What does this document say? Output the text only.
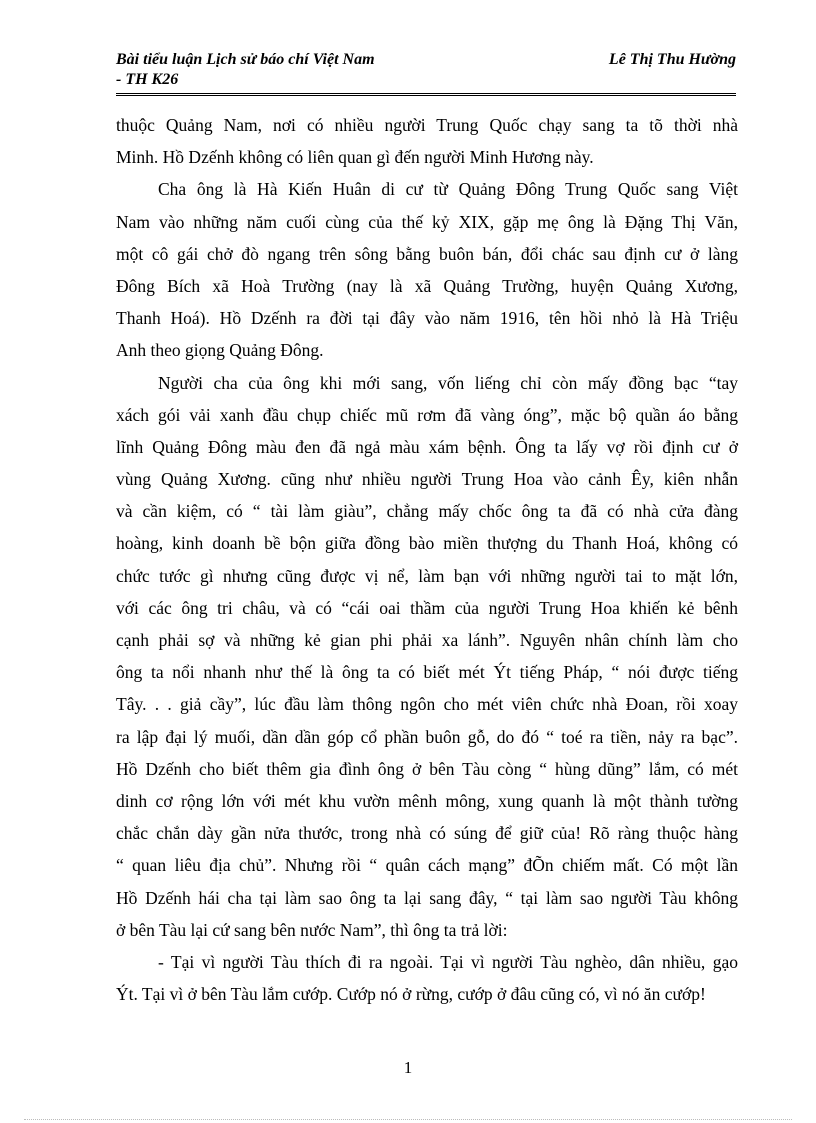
Bài tiểu luận Lịch sử báo chí Việt Nam
- TH K26
Lê Thị Thu Hường
thuộc Quảng Nam, nơi có nhiều người Trung Quốc chạy sang ta tõ thời nhà
Minh. Hồ Dzếnh không có liên quan gì đến người Minh Hương này.
Cha ông là Hà Kiến Huân di cư từ Quảng Đông Trung Quốc sang Việt
Nam vào những năm cuối cùng của thế kỷ XIX, gặp mẹ ông là Đặng Thị Văn,
một cô gái chở đò ngang trên sông bằng buôn bán, đổi chác sau định cư ở làng
Đông Bích xã Hoà Trường (nay là xã Quảng Trường, huyện Quảng Xương,
Thanh Hoá). Hồ Dzếnh ra đời tại đây vào năm 1916, tên hồi nhỏ là Hà Triệu
Anh theo giọng Quảng Đông.
Người cha của ông khi mới sang, vốn liếng chỉ còn mấy đồng bạc “tay
xách gói vải xanh đầu chụp chiếc mũ rơm đã vàng óng”, mặc bộ quần áo bằng
lĩnh Quảng Đông màu đen đã ngả màu xám bệnh. Ông ta lấy vợ rồi định cư ở
vùng Quảng Xương. cũng như nhiều người Trung Hoa vào cảnh Êy, kiên nhẫn
và cần kiệm, có “ tài làm giàu”, chẳng mấy chốc ông ta đã có nhà cửa đàng
hoàng, kinh doanh bề bộn giữa đồng bào miền thượng du Thanh Hoá, không có
chức tước gì nhưng cũng được vị nể, làm bạn với những người tai to mặt lớn,
với các ông tri châu, và có “cái oai thầm của người Trung Hoa khiến kẻ bênh
cạnh phải sợ và những kẻ gian phi phải xa lánh”. Nguyên nhân chính làm cho
ông ta nổi nhanh như thế là ông ta có biết mét Ýt tiếng Pháp, “ nói được tiếng
Tây. . . giả cầy”, lúc đầu làm thông ngôn cho mét viên chức nhà Đoan, rồi xoay
ra lập đại lý muối, dần dần góp cổ phần buôn gỗ, do đó “ toé ra tiền, nảy ra bạc”.
Hồ Dzếnh cho biết thêm gia đình ông ở bên Tàu còng “ hùng dũng” lắm, có mét
dinh cơ rộng lớn với mét khu vườn mênh mông, xung quanh là một thành tường
chắc chắn dày gần nửa thước, trong nhà có súng để giữ của! Rõ ràng thuộc hàng
“ quan liêu địa chủ”. Nhưng rồi “ quân cách mạng” đÕn chiếm mất. Có một lần
Hồ Dzếnh hái cha tại làm sao ông ta lại sang đây, “ tại làm sao người Tàu không
ở bên Tàu lại cứ sang bên nước Nam”, thì ông ta trả lời:
- Tại vì người Tàu thích đi ra ngoài. Tại vì người Tàu nghèo, dân nhiều, gạo
Ýt. Tại vì ở bên Tàu lắm cướp. Cướp nó ở rừng, cướp ở đâu cũng có, vì nó ăn cướp!
1
